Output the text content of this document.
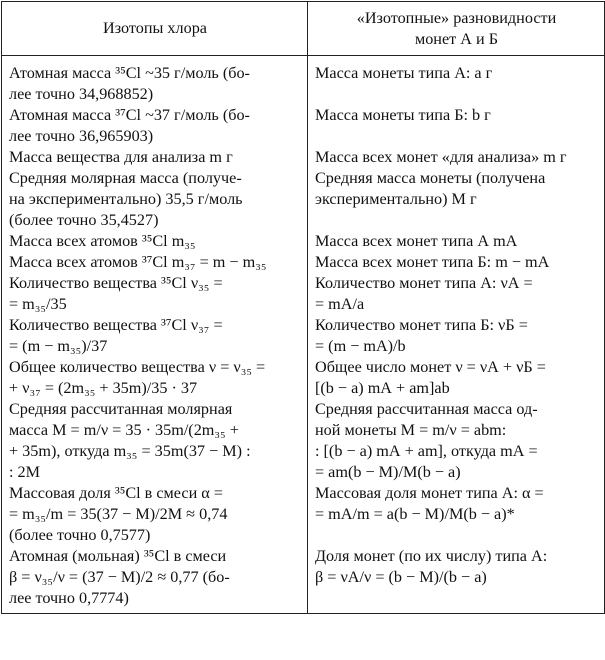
Изотопы хлора	«Изотопные» разновидности
монет А и Б

Атомная масса ³⁵Cl ~35 г/моль (бо-
лее точно 34,968852)	Масса монеты типа А: a г

Атомная масса ³⁷Cl ~37 г/моль (бо-
лее точно 36,965903)	Масса монеты типа Б: b г

Масса вещества для анализа m г	Масса всех монет «для анализа» m г

Средняя молярная масса (получе-
на экспериментально) 35,5 г/моль
(более точно 35,4527)	Средняя масса монеты (получена
экспериментально) M г

Масса всех атомов ³⁵Cl m₃₅	Масса всех монет типа А mА

Масса всех атомов ³⁷Cl m₃₇ = m − m₃₅	Масса всех монет типа Б: m − mА

Количество вещества ³⁵Cl ν₃₅ =
= m₃₅/35	Количество монет типа А: νА =
= mА/a

Количество вещества ³⁷Cl ν₃₇ =
= (m − m₃₅)/37	Количество монет типа Б: νБ =
= (m − mА)/b

Общее количество вещества ν = ν₃₅ =
+ ν₃₇ = (2m₃₅ + 35m)/35 · 37	Общее число монет ν = νА + νБ =
[(b − a) mА + am]ab

Средняя рассчитанная молярная
масса M = m/ν = 35 · 35m/(2m₃₅ +
+ 35m), откуда m₃₅ = 35m(37 − M) :
: 2M	Средняя рассчитанная масса од-
ной монеты M = m/ν = abm:
: [(b − a) mА + am], откуда mА =
= am(b − M)/M(b − a)

Массовая доля ³⁵Cl в смеси α =
= m₃₅/m = 35(37 − M)/2M ≈ 0,74
(более точно 0,7577)	Массовая доля монет типа А: α =
= mА/m = a(b − M)/M(b − a)*

Атомная (мольная) ³⁵Cl в смеси
β = ν₃₅/ν = (37 − M)/2 ≈ 0,77 (бо-
лее точно 0,7774)	Доля монет (по их числу) типа А:
β = νА/ν = (b − M)/(b − a)
